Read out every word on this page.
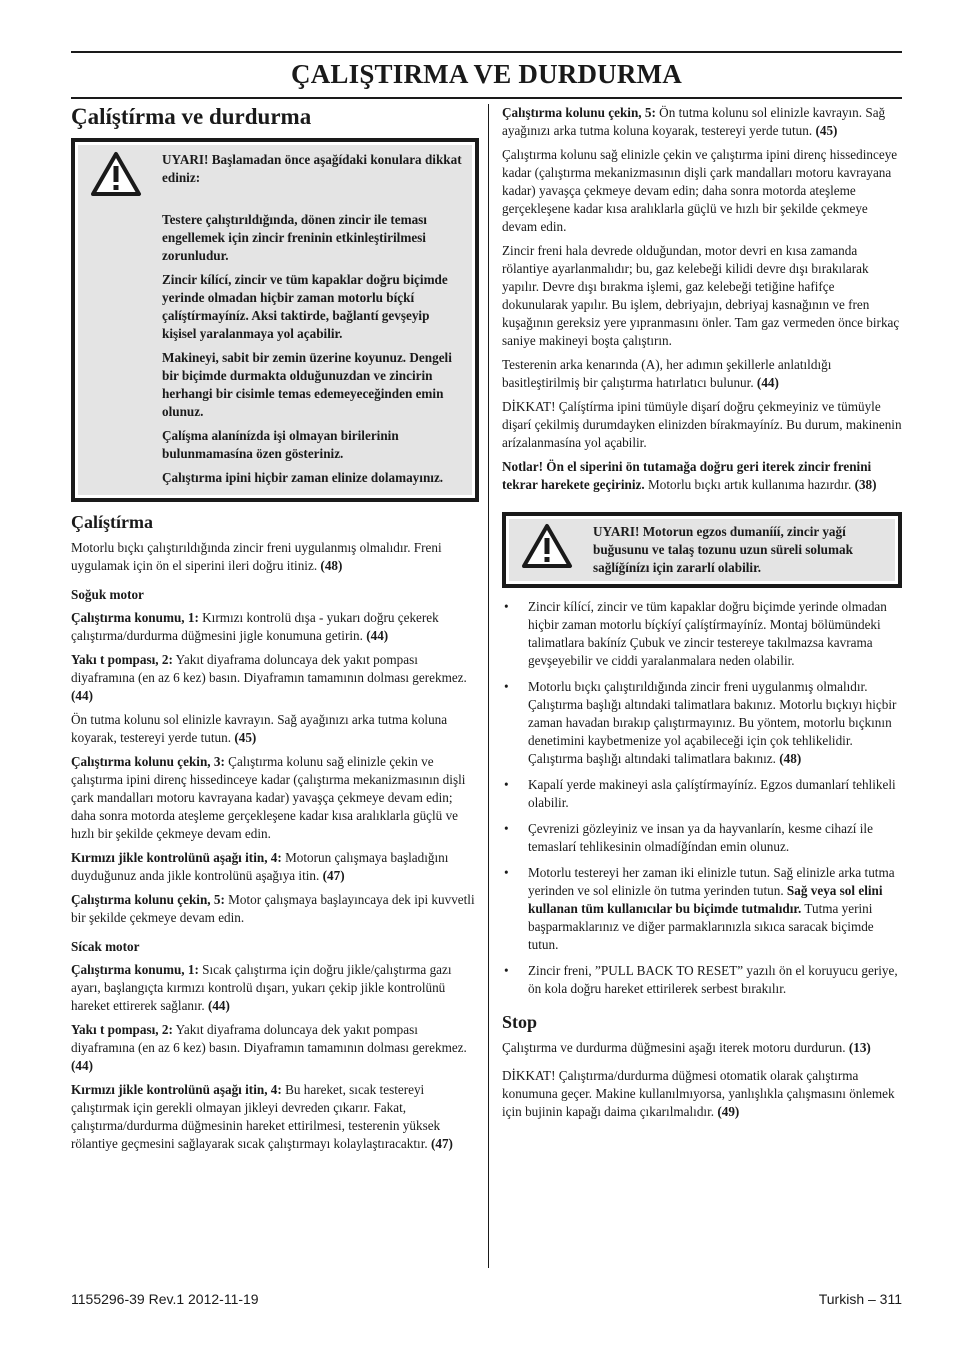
ÇALIŞTIRMA VE DURDURMA
Çalíştírma ve durdurma

UYARI! Başlamadan önce aşağídaki konulara dikkat ediniz:

Testere çalıştırıldığında, dönen zincir ile teması engellemek için zincir freninin etkinleştirilmesi zorunludur.

Zincir kílící, zincir ve tüm kapaklar doğru biçimde yerinde olmadan hiçbir zaman motorlu bíçkí çalíştírmayíníz. Aksi taktirde, bağlantí gevşeyip kişisel yaralanmaya yol açabilir.

Makineyi, sabit bir zemin üzerine koyunuz. Dengeli bir biçimde durmakta olduğunuzdan ve zincirin herhangi bir cisimle temas edemeyeceğinden emin olunuz.

Çalíşma alanínízda işi olmayan birilerinin bulunmamasína özen gösteriniz.

Çalıştırma ipini hiçbir zaman elinize dolamayınız.

Çalíştírma

Motorlu bıçkı çalıştırıldığında zincir freni uygulanmış olmalıdır. Freni uygulamak için ön el siperini ileri doğru itiniz. (48)

Soğuk motor

Çalıştırma konumu, 1: Kırmızı kontrolü dışa - yukarı doğru çekerek çalıştırma/durdurma düğmesini jigle konumuna getirin. (44)

Yakı t pompası, 2: Yakıt diyaframa doluncaya dek yakıt pompası diyaframına (en az 6 kez) basın. Diyaframın tamamının dolması gerekmez. (44)

Ön tutma kolunu sol elinizle kavrayın. Sağ ayağınızı arka tutma koluna koyarak, testereyi yerde tutun. (45)

Çalıştırma kolunu çekin, 3: Çalıştırma kolunu sağ elinizle çekin ve çalıştırma ipini direnç hissedinceye kadar (çalıştırma mekanizmasının dişli çark mandalları motoru kavrayana kadar) yavaşça çekmeye devam edin; daha sonra motorda ateşleme gerçekleşene kadar kısa aralıklarla güçlü ve hızlı bir şekilde çekmeye devam edin.

Kırmızı jikle kontrolünü aşağı itin, 4: Motorun çalışmaya başladığını duyduğunuz anda jikle kontrolünü aşağıya itin. (47)

Çalıştırma kolunu çekin, 5: Motor çalışmaya başlayıncaya dek ipi kuvvetli bir şekilde çekmeye devam edin.

Sícak motor

Çalıştırma konumu, 1: Sıcak çalıştırma için doğru jikle/çalıştırma gazı ayarı, başlangıçta kırmızı kontrolü dışarı, yukarı çekip jikle kontrolünü hareket ettirerek sağlanır. (44)

Yakı t pompası, 2: Yakıt diyaframa doluncaya dek yakıt pompası diyaframına (en az 6 kez) basın. Diyaframın tamamının dolması gerekmez. (44)

Kırmızı jikle kontrolünü aşağı itin, 4: Bu hareket, sıcak testereyi çalıştırmak için gerekli olmayan jikleyi devreden çıkarır. Fakat, çalıştırma/durdurma düğmesinin hareket ettirilmesi, testerenin yüksek rölantiye geçmesini sağlayarak sıcak çalıştırmayı kolaylaştıracaktır. (47)

Çalıştırma kolunu çekin, 5: Ön tutma kolunu sol elinizle kavrayın. Sağ ayağınızı arka tutma koluna koyarak, testereyi yerde tutun. (45)

Çalıştırma kolunu sağ elinizle çekin ve çalıştırma ipini direnç hissedinceye kadar (çalıştırma mekanizmasının dişli çark mandalları motoru kavrayana kadar) yavaşça çekmeye devam edin; daha sonra motorda ateşleme gerçekleşene kadar kısa aralıklarla güçlü ve hızlı bir şekilde çekmeye devam edin.

Zincir freni hala devrede olduğundan, motor devri en kısa zamanda rölantiye ayarlanmalıdır; bu, gaz kelebeği kilidi devre dışı bırakılarak yapılır. Devre dışı bırakma işlemi, gaz kelebeği tetiğine hafifçe dokunularak yapılır. Bu işlem, debriyajın, debriyaj kasnağının ve fren kuşağının gereksiz yere yıpranmasını önler. Tam gaz vermeden önce birkaç saniye makineyi boşta çalıştırın.

Testerenin arka kenarında (A), her adımın şekillerle anlatıldığı basitleştirilmiş bir çalıştırma hatırlatıcı bulunur. (44)

DİKKAT! Çalíştírma ipini tümüyle dişarí doğru çekmeyiniz ve tümüyle dişarí çekilmiş durumdayken elinizden bírakmayíníz. Bu durum, makinenin arízalanmasína yol açabilir.

Notlar! Ön el siperini ön tutamağa doğru geri iterek zincir frenini tekrar harekete geçiriniz. Motorlu bıçkı artık kullanıma hazırdır. (38)

UYARI! Motorun egzos dumanííí, zincir yağí buğusunu ve talaş tozunu uzun süreli solumak sağlíğínízı için zararlí olabilir.

• Zincir kílící, zincir ve tüm kapaklar doğru biçimde yerinde olmadan hiçbir zaman motorlu bíçkíyí çalíştírmayíníz. Montaj bölümündeki talimatlara bakíníz Çubuk ve zincir testereye takılmazsa kavrama gevşeyebilir ve ciddi yaralanmalara neden olabilir.
• Motorlu bıçkı çalıştırıldığında zincir freni uygulanmış olmalıdır. Çalıştırma başlığı altındaki talimatlara bakınız. Motorlu bıçkıyı hiçbir zaman havadan bırakıp çalıştırmayınız. Bu yöntem, motorlu bıçkının denetimini kaybetmenize yol açabileceği için çok tehlikelidir. Çalıştırma başlığı altındaki talimatlara bakınız. (48)
• Kapalí yerde makineyi asla çalíştírmayíníz. Egzos dumanlarí tehlikeli olabilir.
• Çevrenizi gözleyiniz ve insan ya da hayvanlarín, kesme cihazí ile temaslarí tehlikesinin olmadíğíndan emin olunuz.
• Motorlu testereyi her zaman iki elinizle tutun. Sağ elinizle arka tutma yerinden ve sol elinizle ön tutma yerinden tutun. Sağ veya sol elini kullanan tüm kullanıcılar bu biçimde tutmalıdır. Tutma yerini başparmaklarınız ve diğer parmaklarınızla sıkıca saracak biçimde tutun.
• Zincir freni, ”PULL BACK TO RESET” yazılı ön el koruyucu geriye, ön kola doğru hareket ettirilerek serbest bırakılır.
Stop

Çalıştırma ve durdurma düğmesini aşağı iterek motoru durdurun. (13)

DİKKAT! Çalıştırma/durdurma düğmesi otomatik olarak çalıştırma konumuna geçer. Makine kullanılmıyorsa, yanlışlıkla çalışmasını önlemek için bujinin kapağı daima çıkarılmalıdır. (49)

1155296-39 Rev.1 2012-11-19	Turkish – 311
